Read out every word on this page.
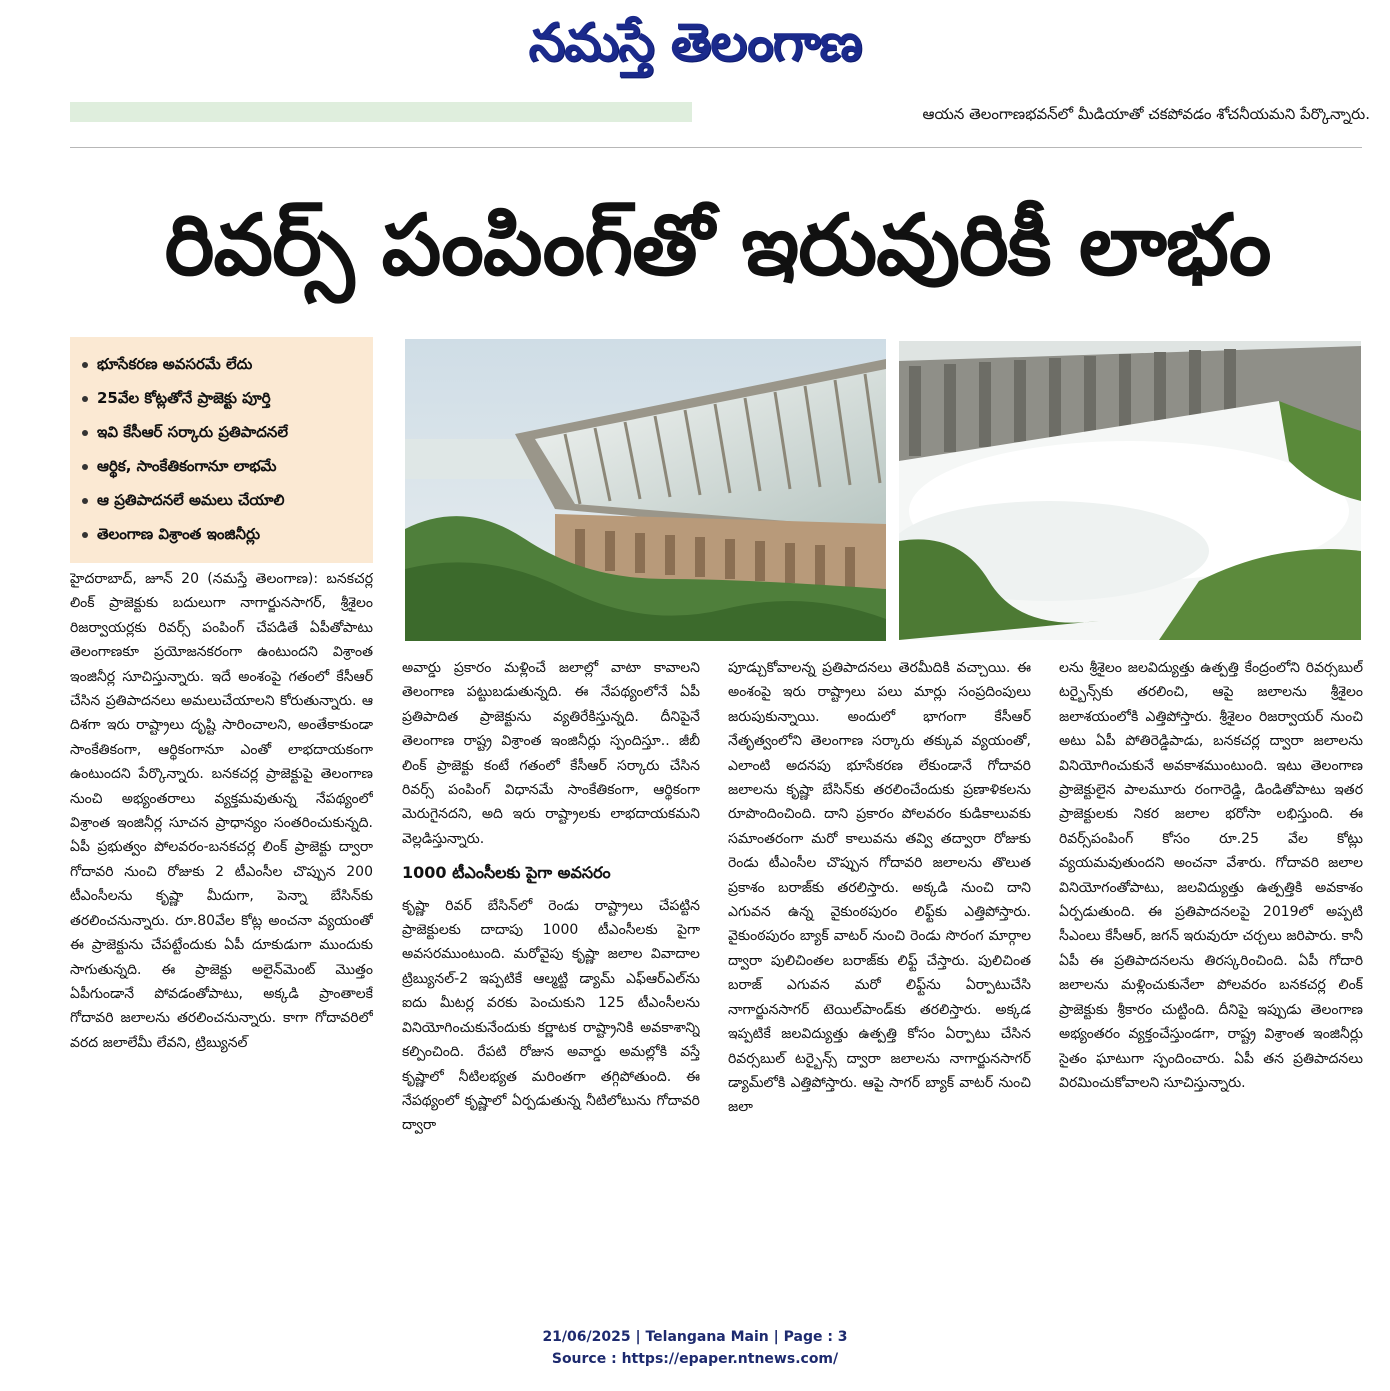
నమస్తే తెలంగాణ
ఆయన తెలంగాణభవన్‌లో మీడియాతో చకపోవడం శోచనీయమని పేర్కొన్నారు.
రివర్స్ పంపింగ్‌తో ఇరువురికీ లాభం
భూసేకరణ అవసరమే లేదు
25వేల కోట్లతోనే ప్రాజెక్టు పూర్తి
ఇవి కేసీఆర్ సర్కారు ప్రతిపాదనలే
ఆర్థిక, సాంకేతికంగానూ లాభమే
ఆ ప్రతిపాదనలే అమలు చేయాలి
తెలంగాణ విశ్రాంత ఇంజినీర్లు

హైదరాబాద్, జూన్ 20 (నమస్తే తెలంగాణ): బనకచర్ల లింక్ ప్రాజెక్టుకు బదులుగా నాగార్జునసాగర్, శ్రీశైలం రిజర్వాయర్లకు రివర్స్ పంపింగ్ చేపడితే ఏపీతోపాటు తెలంగాణకూ ప్రయోజనకరంగా ఉంటుందని విశ్రాంత ఇంజినీర్ల సూచిస్తున్నారు. ఇదే అంశంపై గతంలో కేసీఆర్ చేసిన ప్రతిపాదనలు అమలుచేయాలని కోరుతున్నారు. ఆ దిశగా ఇరు రాష్ట్రాలు దృష్టి సారించాలని, అంతేకాకుండా సాంకేతికంగా, ఆర్థికంగానూ ఎంతో లాభదాయకంగా ఉంటుందని పేర్కొన్నారు. బనకచర్ల ప్రాజెక్టుపై తెలంగాణ నుంచి అభ్యంతరాలు వ్యక్తమవుతున్న నేపథ్యంలో విశ్రాంత ఇంజినీర్ల సూచన ప్రాధాన్యం సంతరించుకున్నది. ఏపీ ప్రభుత్వం పోలవరం-బనకచర్ల లింక్ ప్రాజెక్టు ద్వారా గోదావరి నుంచి రోజుకు 2 టీఎంసీల చొప్పున 200 టీఎంసీలను కృష్ణా మీదుగా, పెన్నా బేసిన్‌కు తరలించనున్నారు. రూ.80వేల కోట్ల అంచనా వ్యయంతో ఈ ప్రాజెక్టును చేపట్టేందుకు ఏపీ దూకుడుగా ముందుకు సాగుతున్నది. ఈ ప్రాజెక్టు అలైన్‌మెంట్ మొత్తం ఏపీగుండానే పోవడంతోపాటు, అక్కడి ప్రాంతాలకే గోదావరి జలాలను తరలించనున్నారు. కాగా గోదావరిలో వరద జలాలేమీ లేవని, ట్రిబ్యునల్

అవార్డు ప్రకారం మళ్లించే జలాల్లో వాటా కావాలని తెలంగాణ పట్టుబడుతున్నది. ఈ నేపథ్యంలోనే ఏపీ ప్రతిపాదిత ప్రాజెక్టును వ్యతిరేకిస్తున్నది. దీనిపైనే తెలంగాణ రాష్ట్ర విశ్రాంత ఇంజినీర్లు స్పందిస్తూ.. జీబీ లింక్ ప్రాజెక్టు కంటే గతంలో కేసీఆర్ సర్కారు చేసిన రివర్స్ పంపింగ్ విధానమే సాంకేతికంగా, ఆర్థికంగా మెరుగైనదని, అది ఇరు రాష్ట్రాలకు లాభదాయకమని వెల్లడిస్తున్నారు.

1000 టీఎంసీలకు పైగా అవసరం

కృష్ణా రివర్ బేసిన్‌లో రెండు రాష్ట్రాలు చేపట్టిన ప్రాజెక్టులకు దాదాపు 1000 టీఎంసీలకు పైగా అవసరముంటుంది. మరోవైపు కృష్ణా జలాల వివాదాల ట్రిబ్యునల్-2 ఇప్పటికే ఆల్మట్టి డ్యామ్ ఎఫ్‌ఆర్‌ఎల్‌ను ఐదు మీటర్ల వరకు పెంచుకుని 125 టీఎంసీలను వినియోగించుకునేందుకు కర్ణాటక రాష్ట్రానికి అవకాశాన్ని కల్పించింది. రేపటి రోజున అవార్డు అమల్లోకి వస్తే కృష్ణాలో నీటిలభ్యత మరింతగా తగ్గిపోతుంది. ఈ నేపథ్యంలో కృష్ణాలో ఏర్పడుతున్న నీటిలోటును గోదావరి ద్వారా

పూడ్చుకోవాలన్న ప్రతిపాదనలు తెరమీదికి వచ్చాయి. ఈ అంశంపై ఇరు రాష్ట్రాలు పలు మార్లు సంప్రదింపులు జరుపుకున్నాయి. అందులో భాగంగా కేసీఆర్ నేతృత్వంలోని తెలంగాణ సర్కారు తక్కువ వ్యయంతో, ఎలాంటి అదనపు భూసేకరణ లేకుండానే గోదావరి జలాలను కృష్ణా బేసిన్‌కు తరలించేందుకు ప్రణాళికలను రూపొందించింది. దాని ప్రకారం పోలవరం కుడికాలువకు సమాంతరంగా మరో కాలువను తవ్వి తద్వారా రోజుకు రెండు టీఎంసీల చొప్పున గోదావరి జలాలను తొలుత ప్రకాశం బరాజ్‌కు తరలిస్తారు. అక్కడి నుంచి దాని ఎగువన ఉన్న వైకుంఠపురం లిఫ్ట్‌కు ఎత్తిపోస్తారు. వైకుంఠపురం బ్యాక్ వాటర్ నుంచి రెండు సొరంగ మార్గాల ద్వారా పులిచింతల బరాజ్‌కు లిఫ్ట్ చేస్తారు. పులిచింత బరాజ్ ఎగువన మరో లిఫ్ట్‌ను ఏర్పాటుచేసి నాగార్జునసాగర్ టెయిల్‌పాండ్‌కు తరలిస్తారు. అక్కడ ఇప్పటికే జలవిద్యుత్తు ఉత్పత్తి కోసం ఏర్పాటు చేసిన రివర్సబుల్ టర్బైన్స్ ద్వారా జలాలను నాగార్జునసాగర్ డ్యామ్‌లోకి ఎత్తిపోస్తారు. ఆపై సాగర్ బ్యాక్ వాటర్ నుంచి జలా

లను శ్రీశైలం జలవిద్యుత్తు ఉత్పత్తి కేంద్రంలోని రివర్సబుల్ టర్బైన్స్‌కు తరలించి, ఆపై జలాలను శ్రీశైలం జలాశయంలోకి ఎత్తిపోస్తారు. శ్రీశైలం రిజర్వాయర్ నుంచి అటు ఏపీ పోతిరెడ్డిపాడు, బనకచర్ల ద్వారా జలాలను వినియోగించుకునే అవకాశముంటుంది. ఇటు తెలంగాణ ప్రాజెక్టులైన పాలమూరు రంగారెడ్డి, డిండితోపాటు ఇతర ప్రాజెక్టులకు నికర జలాల భరోసా లభిస్తుంది. ఈ రివర్స్‌పంపింగ్ కోసం రూ.25 వేల కోట్లు వ్యయమవుతుందని అంచనా వేశారు. గోదావరి జలాల వినియోగంతోపాటు, జలవిద్యుత్తు ఉత్పత్తికి అవకాశం ఏర్పడుతుంది. ఈ ప్రతిపాదనలపై 2019లో అప్పటి సీఎంలు కేసీఆర్, జగన్ ఇరువురూ చర్చలు జరిపారు. కానీ ఏపీ ఈ ప్రతిపాదనలను తిరస్కరించింది. ఏపీ గోదారి జలాలను మళ్లించుకునేలా పోలవరం బనకచర్ల లింక్ ప్రాజెక్టుకు శ్రీకారం చుట్టింది. దీనిపై ఇప్పుడు తెలంగాణ అభ్యంతరం వ్యక్తంచేస్తుండగా, రాష్ట్ర విశ్రాంత ఇంజినీర్లు సైతం ఘాటుగా స్పందించారు. ఏపీ తన ప్రతిపాదనలు విరమించుకోవాలని సూచిస్తున్నారు.

21/06/2025 | Telangana Main | Page : 3
Source : https://epaper.ntnews.com/
